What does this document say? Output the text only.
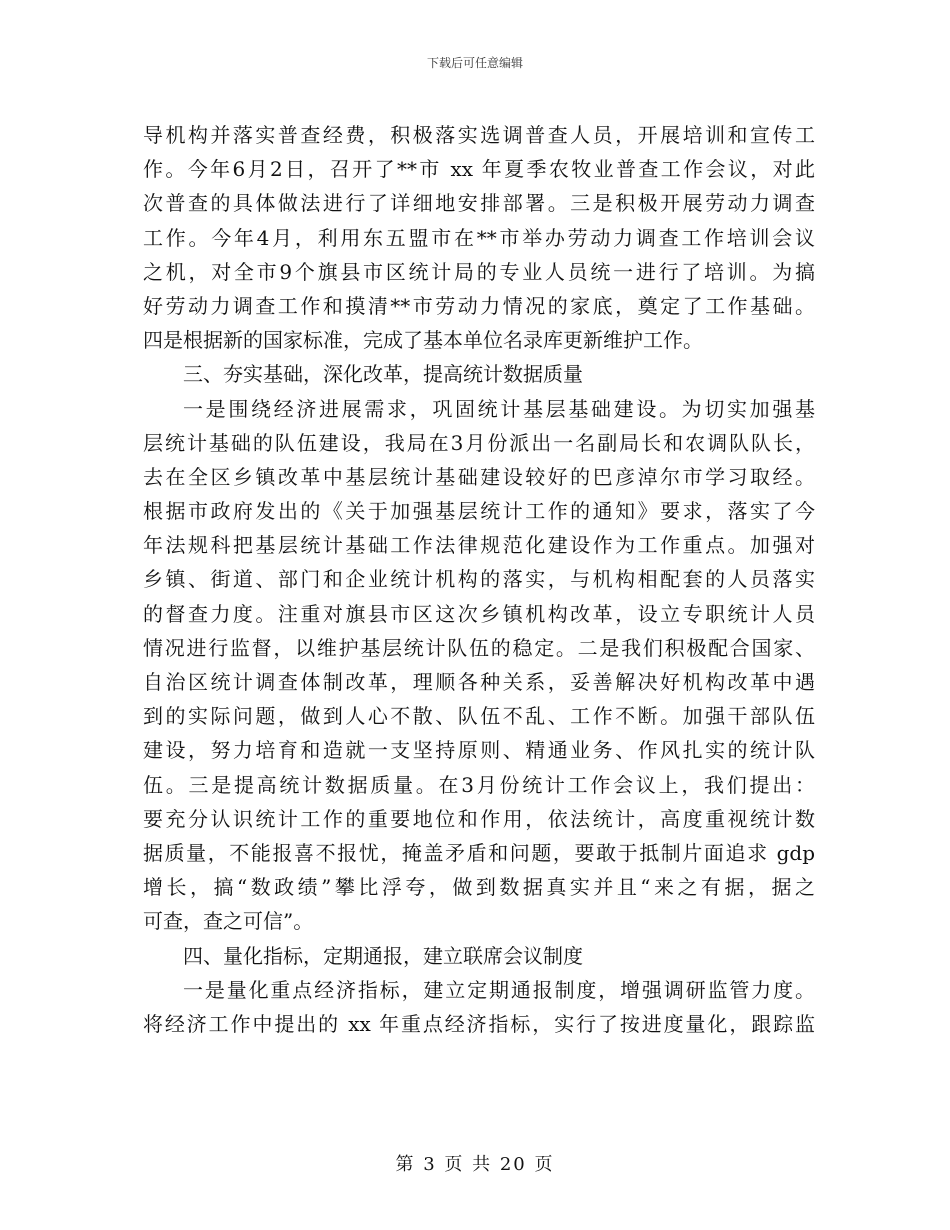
下载后可任意编辑
导机构并落实普查经费，积极落实选调普查人员，开展培训和宣传工
作。今年6月2日，召开了**市 xx 年夏季农牧业普查工作会议，对此
次普查的具体做法进行了详细地安排部署。三是积极开展劳动力调查
工作。今年4月，利用东五盟市在**市举办劳动力调查工作培训会议
之机，对全市9个旗县市区统计局的专业人员统一进行了培训。为搞
好劳动力调查工作和摸清**市劳动力情况的家底，奠定了工作基础。
四是根据新的国家标准，完成了基本单位名录库更新维护工作。
三、夯实基础，深化改革，提高统计数据质量
一是围绕经济进展需求，巩固统计基层基础建设。为切实加强基
层统计基础的队伍建设，我局在3月份派出一名副局长和农调队队长，
去在全区乡镇改革中基层统计基础建设较好的巴彦淖尔市学习取经。
根据市政府发出的《关于加强基层统计工作的通知》要求，落实了今
年法规科把基层统计基础工作法律规范化建设作为工作重点。加强对
乡镇、街道、部门和企业统计机构的落实，与机构相配套的人员落实
的督查力度。注重对旗县市区这次乡镇机构改革，设立专职统计人员
情况进行监督，以维护基层统计队伍的稳定。二是我们积极配合国家、
自治区统计调查体制改革，理顺各种关系，妥善解决好机构改革中遇
到的实际问题，做到人心不散、队伍不乱、工作不断。加强干部队伍
建设，努力培育和造就一支坚持原则、精通业务、作风扎实的统计队
伍。三是提高统计数据质量。在3月份统计工作会议上，我们提出：
要充分认识统计工作的重要地位和作用，依法统计，高度重视统计数
据质量，不能报喜不报忧，掩盖矛盾和问题，要敢于抵制片面追求 gdp
增长，搞“数政绩”攀比浮夸，做到数据真实并且“来之有据，据之
可查，查之可信”。
四、量化指标，定期通报，建立联席会议制度
一是量化重点经济指标，建立定期通报制度，增强调研监管力度。
将经济工作中提出的 xx 年重点经济指标，实行了按进度量化，跟踪监
第 3 页 共 20 页
